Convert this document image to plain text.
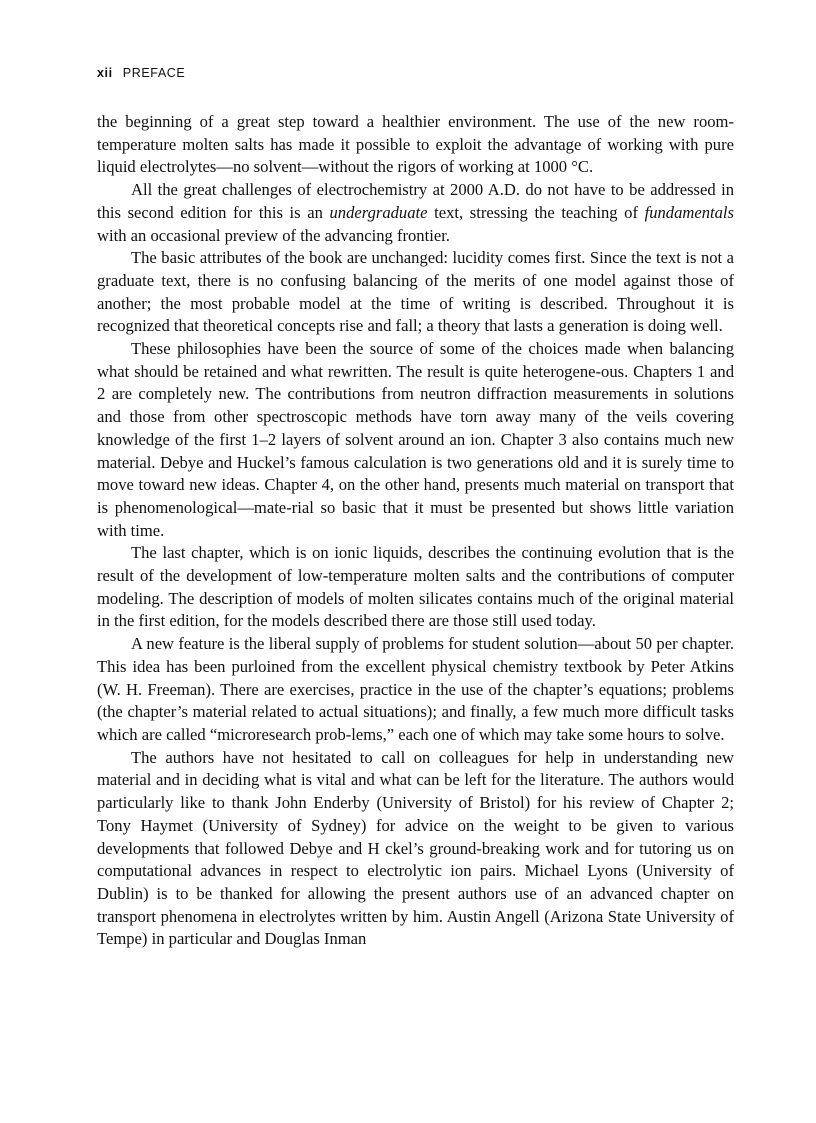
xii PREFACE

the beginning of a great step toward a healthier environment. The use of the new room-temperature molten salts has made it possible to exploit the advantage of working with pure liquid electrolytes—no solvent—without the rigors of working at 1000 °C.

All the great challenges of electrochemistry at 2000 A.D. do not have to be addressed in this second edition for this is an undergraduate text, stressing the teaching of fundamentals with an occasional preview of the advancing frontier.

The basic attributes of the book are unchanged: lucidity comes first. Since the text is not a graduate text, there is no confusing balancing of the merits of one model against those of another; the most probable model at the time of writing is described. Throughout it is recognized that theoretical concepts rise and fall; a theory that lasts a generation is doing well.

These philosophies have been the source of some of the choices made when balancing what should be retained and what rewritten. The result is quite heterogene-ous. Chapters 1 and 2 are completely new. The contributions from neutron diffraction measurements in solutions and those from other spectroscopic methods have torn away many of the veils covering knowledge of the first 1–2 layers of solvent around an ion. Chapter 3 also contains much new material. Debye and Huckel’s famous calculation is two generations old and it is surely time to move toward new ideas. Chapter 4, on the other hand, presents much material on transport that is phenomenological—mate-rial so basic that it must be presented but shows little variation with time.

The last chapter, which is on ionic liquids, describes the continuing evolution that is the result of the development of low-temperature molten salts and the contributions of computer modeling. The description of models of molten silicates contains much of the original material in the first edition, for the models described there are those still used today.

A new feature is the liberal supply of problems for student solution—about 50 per chapter. This idea has been purloined from the excellent physical chemistry textbook by Peter Atkins (W. H. Freeman). There are exercises, practice in the use of the chapter’s equations; problems (the chapter’s material related to actual situations); and finally, a few much more difficult tasks which are called “microresearch prob-lems,” each one of which may take some hours to solve.

The authors have not hesitated to call on colleagues for help in understanding new material and in deciding what is vital and what can be left for the literature. The authors would particularly like to thank John Enderby (University of Bristol) for his review of Chapter 2; Tony Haymet (University of Sydney) for advice on the weight to be given to various developments that followed Debye and H ckel’s ground-breaking work and for tutoring us on computational advances in respect to electrolytic ion pairs. Michael Lyons (University of Dublin) is to be thanked for allowing the present authors use of an advanced chapter on transport phenomena in electrolytes written by him. Austin Angell (Arizona State University of Tempe) in particular and Douglas Inman
